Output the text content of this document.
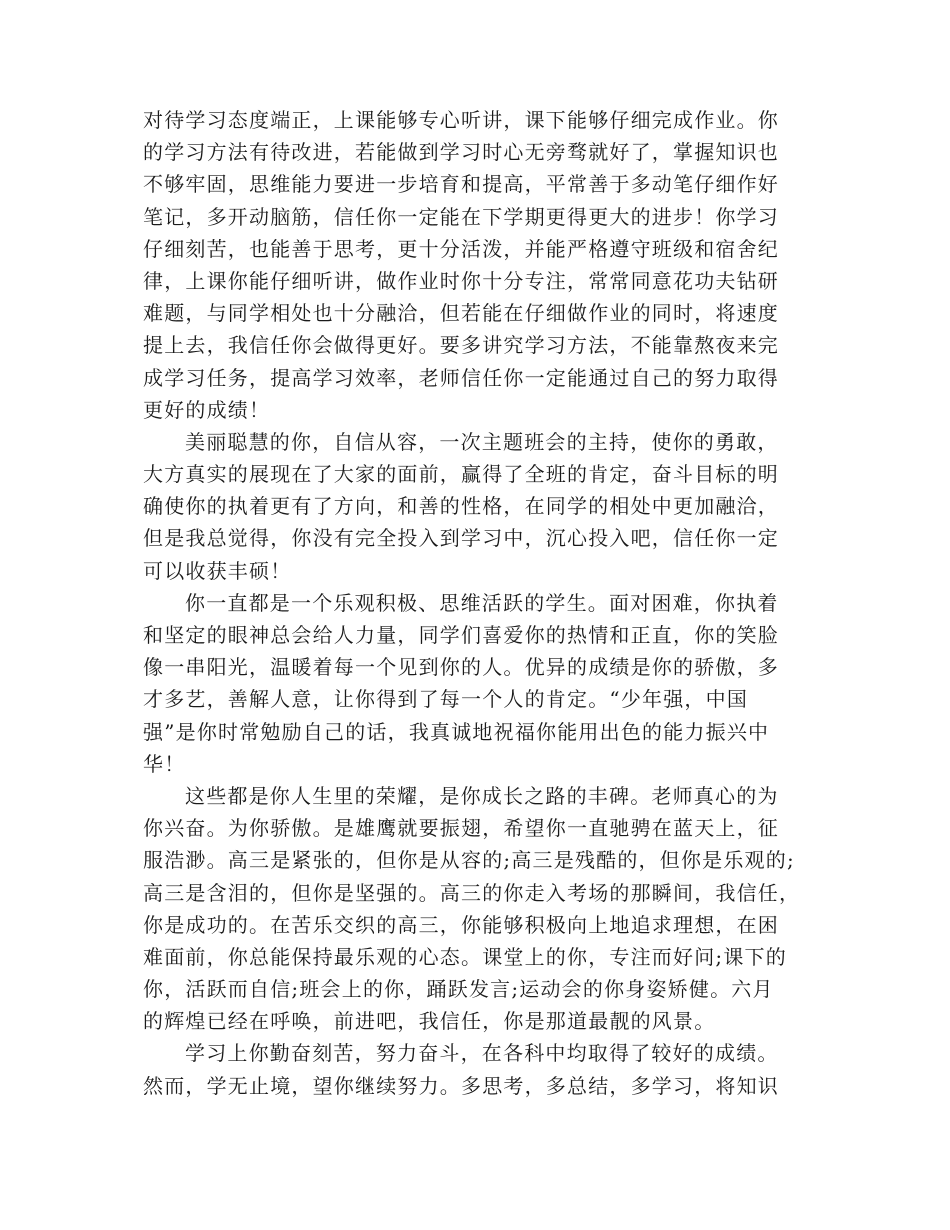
对待学习态度端正，上课能够专心听讲，课下能够仔细完成作业。你
的学习方法有待改进，若能做到学习时心无旁骛就好了，掌握知识也
不够牢固，思维能力要进一步培育和提高，平常善于多动笔仔细作好
笔记，多开动脑筋，信任你一定能在下学期更得更大的进步！你学习
仔细刻苦，也能善于思考，更十分活泼，并能严格遵守班级和宿舍纪
律，上课你能仔细听讲，做作业时你十分专注，常常同意花功夫钻研
难题，与同学相处也十分融洽，但若能在仔细做作业的同时，将速度
提上去，我信任你会做得更好。要多讲究学习方法，不能靠熬夜来完
成学习任务，提高学习效率，老师信任你一定能通过自己的努力取得
更好的成绩！
美丽聪慧的你，自信从容，一次主题班会的主持，使你的勇敢，
大方真实的展现在了大家的面前，赢得了全班的肯定，奋斗目标的明
确使你的执着更有了方向，和善的性格，在同学的相处中更加融洽，
但是我总觉得，你没有完全投入到学习中，沉心投入吧，信任你一定
可以收获丰硕！
你一直都是一个乐观积极、思维活跃的学生。面对困难，你执着
和坚定的眼神总会给人力量，同学们喜爱你的热情和正直，你的笑脸
像一串阳光，温暖着每一个见到你的人。优异的成绩是你的骄傲，多
才多艺，善解人意，让你得到了每一个人的肯定。“少年强，中国
强”是你时常勉励自己的话，我真诚地祝福你能用出色的能力振兴中
华！
这些都是你人生里的荣耀，是你成长之路的丰碑。老师真心的为
你兴奋。为你骄傲。是雄鹰就要振翅，希望你一直驰骋在蓝天上，征
服浩渺。高三是紧张的，但你是从容的;高三是残酷的，但你是乐观的;
高三是含泪的，但你是坚强的。高三的你走入考场的那瞬间，我信任，
你是成功的。在苦乐交织的高三，你能够积极向上地追求理想，在困
难面前，你总能保持最乐观的心态。课堂上的你，专注而好问;课下的
你，活跃而自信;班会上的你，踊跃发言;运动会的你身姿矫健。六月
的辉煌已经在呼唤，前进吧，我信任，你是那道最靓的风景。
学习上你勤奋刻苦，努力奋斗，在各科中均取得了较好的成绩。
然而，学无止境，望你继续努力。多思考，多总结，多学习，将知识
